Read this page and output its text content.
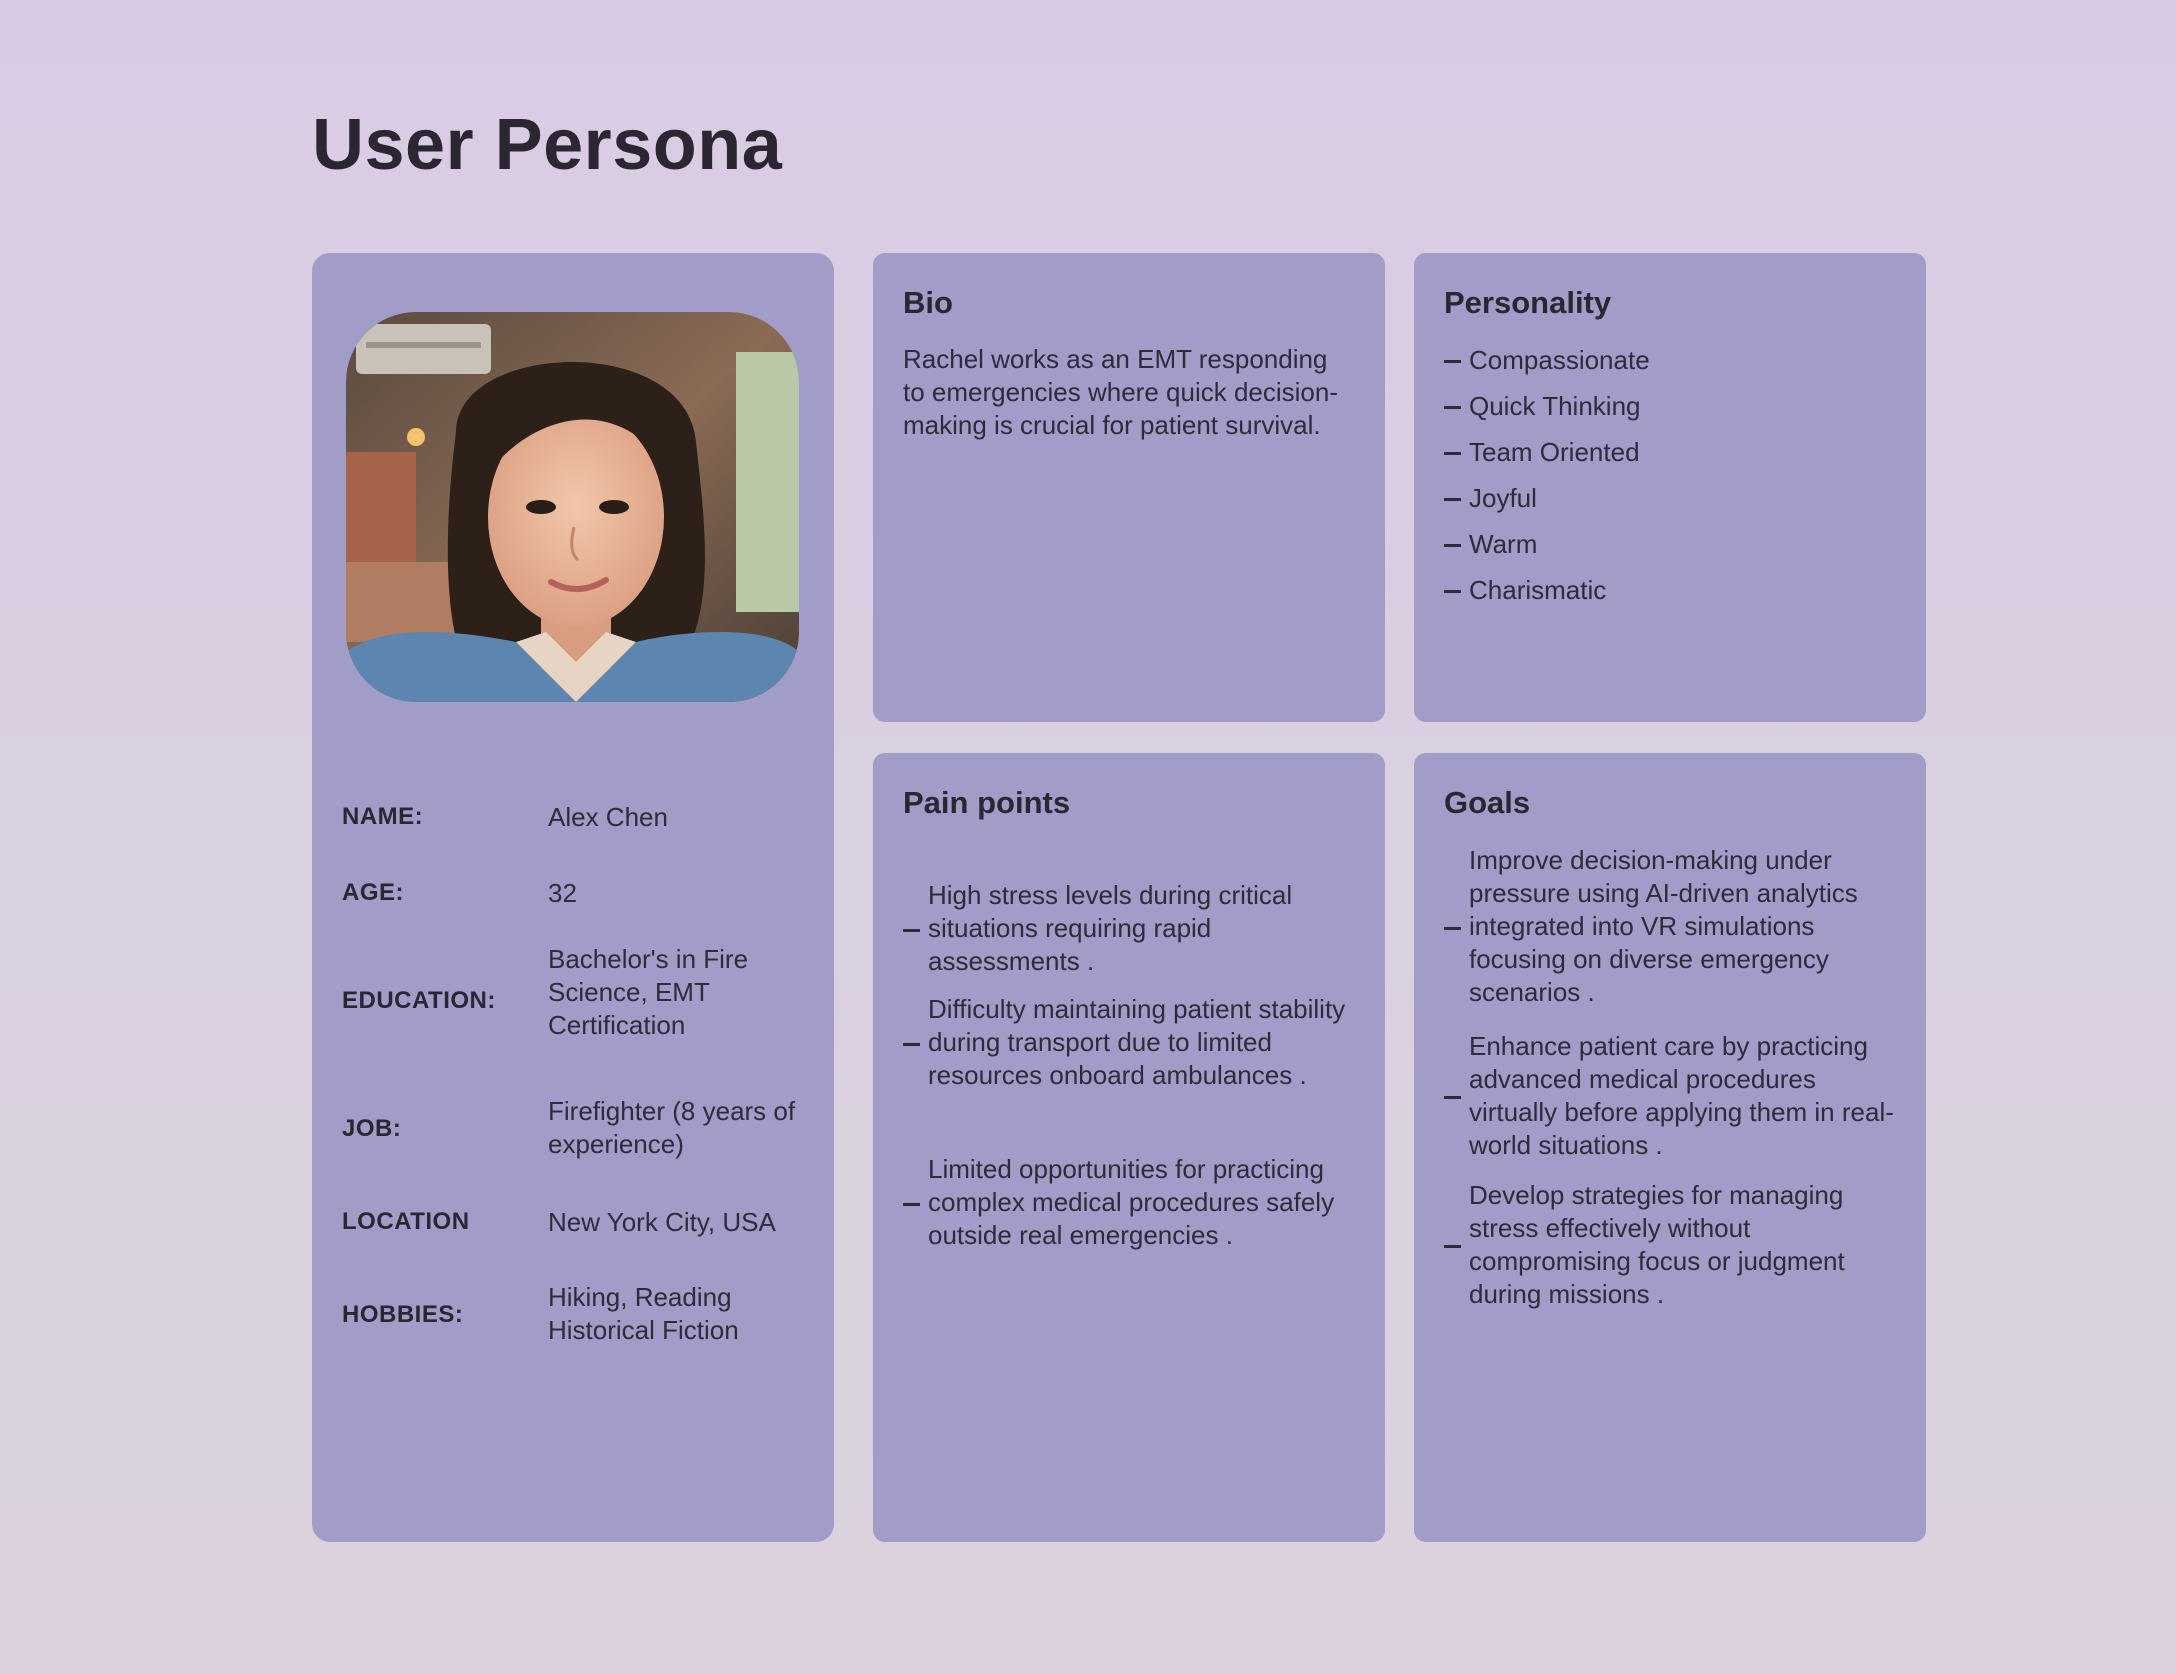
User Persona
NAME:	Alex Chen
AGE:	32
EDUCATION:
Bachelor's in Fire Science, EMT Certification
JOB:
Firefighter (8 years of experience)
LOCATION	New York City, USA
HOBBIES:
Hiking, Reading Historical Fiction
Bio

Rachel works as an EMT responding to emergencies where quick decision-making is crucial for patient survival.

Personality
Compassionate
Quick Thinking
Team Oriented
Joyful
Warm
Charismatic
Pain points
High stress levels during critical situations requiring rapid assessments .
Difficulty maintaining patient stability during transport due to limited resources onboard ambulances .
Limited opportunities for practicing complex medical procedures safely outside real emergencies .
Goals
Improve decision-making under pressure using AI-driven analytics integrated into VR simulations focusing on diverse emergency scenarios .
Enhance patient care by practicing advanced medical procedures virtually before applying them in real-world situations .
Develop strategies for managing stress effectively without compromising focus or judgment during missions .
